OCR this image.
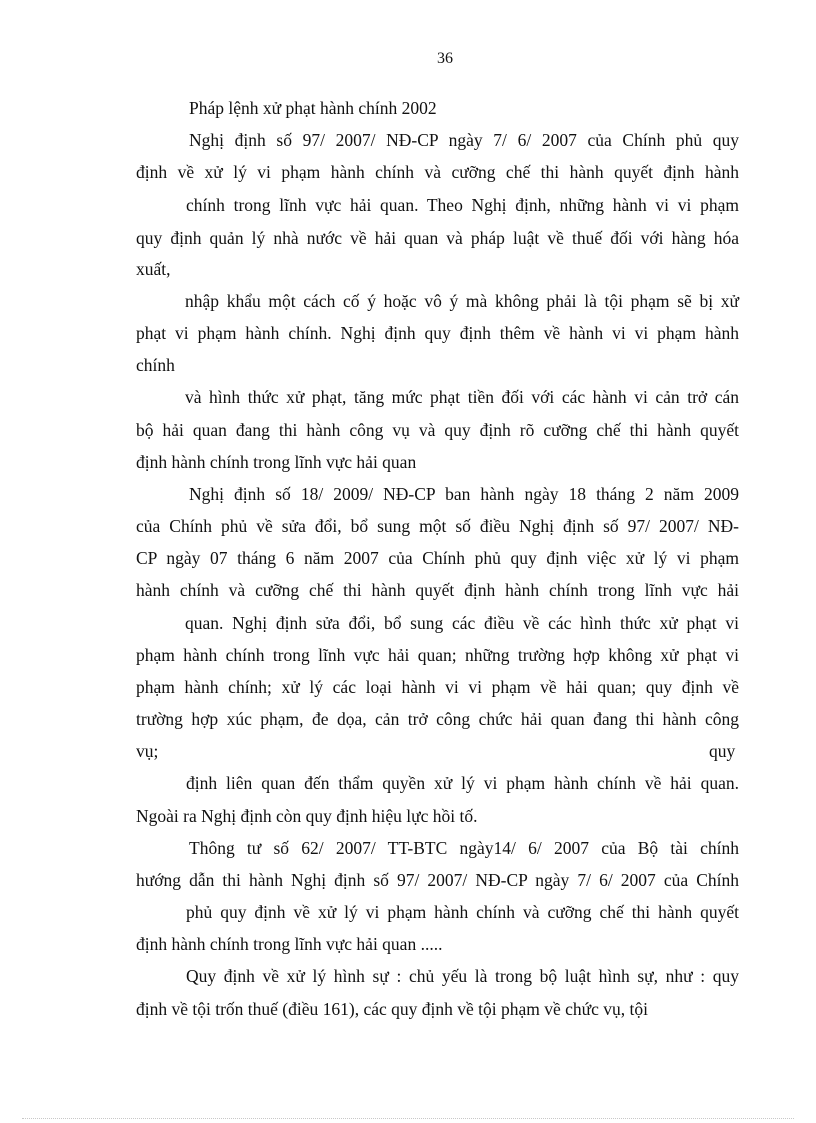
36
Pháp lệnh xử phạt hành chính 2002
Nghị định số 97/ 2007/ NĐ-CP ngày 7/ 6/ 2007 của Chính phủ quy
định về xử lý vi phạm hành chính và cưỡng chế thi hành quyết định hành
chính trong lĩnh vực hải quan. Theo Nghị định, những hành vi vi phạm
quy định quản lý nhà nước về hải quan và pháp luật về thuế đối với hàng hóa
xuất,
nhập khẩu một cách cố ý hoặc vô ý mà không phải là tội phạm sẽ bị xử
phạt vi phạm hành chính. Nghị định quy định thêm về hành vi vi phạm hành
chính
và hình thức xử phạt, tăng mức phạt tiền đối với các hành vi cản trở cán
bộ hải quan đang thi hành công vụ và quy định rõ cưỡng chế thi hành quyết
định hành chính trong lĩnh vực hải quan
Nghị định số 18/ 2009/ NĐ-CP ban hành ngày 18 tháng 2 năm 2009
của Chính phủ về sửa đổi, bổ sung một số điều Nghị định số 97/ 2007/ NĐ-
CP ngày 07 tháng 6 năm 2007 của Chính phủ quy định việc xử lý vi phạm
hành chính và cưỡng chế thi hành quyết định hành chính trong lĩnh vực hải
quan. Nghị định sửa đổi, bổ sung các điều về các hình thức xử phạt vi
phạm hành chính trong lĩnh vực hải quan; những trường hợp không xử phạt vi
phạm hành chính; xử lý các loại hành vi vi phạm về hải quan; quy định về
trường hợp xúc phạm, đe dọa, cản trở công chức hải quan đang thi hành công
vụ;	quy
định liên quan đến thẩm quyền xử lý vi phạm hành chính về hải quan.
Ngoài ra Nghị định còn quy định hiệu lực hồi tố.
Thông tư số 62/ 2007/ TT-BTC ngày14/ 6/ 2007 của Bộ tài chính
hướng dẫn thi hành Nghị định số 97/ 2007/ NĐ-CP ngày 7/ 6/ 2007 của Chính
phủ quy định về xử lý vi phạm hành chính và cưỡng chế thi hành quyết
định hành chính trong lĩnh vực hải quan .....
Quy định về xử lý hình sự : chủ yếu là trong bộ luật hình sự, như : quy
định về tội trốn thuế (điều 161), các quy định về tội phạm về chức vụ, tội
